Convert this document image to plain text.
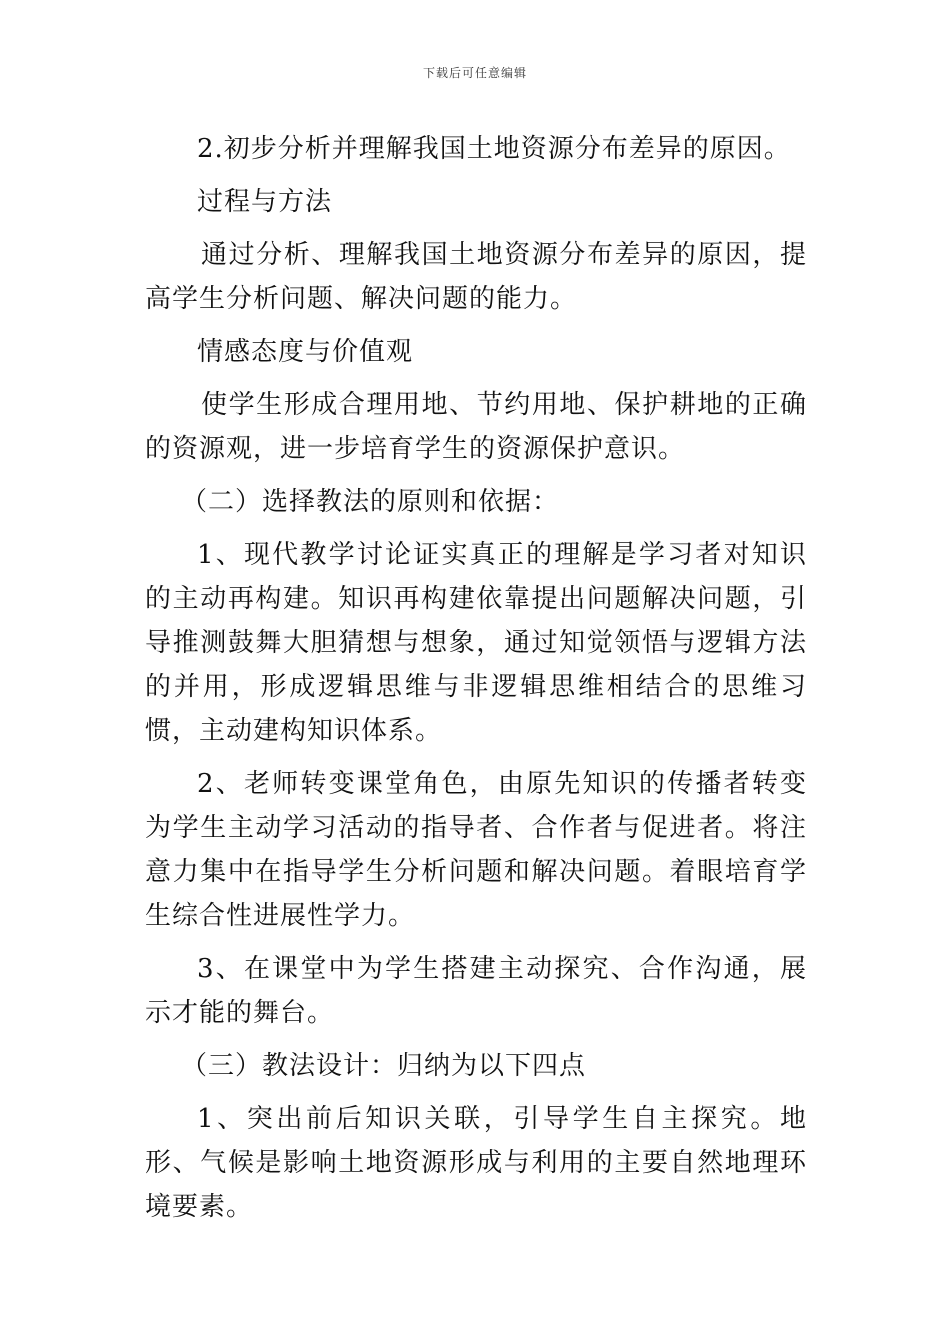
下载后可任意编辑

2.初步分析并理解我国土地资源分布差异的原因。

过程与方法

通过分析、理解我国土地资源分布差异的原因，提高学生分析问题、解决问题的能力。

情感态度与价值观

使学生形成合理用地、节约用地、保护耕地的正确的资源观，进一步培育学生的资源保护意识。

（二）选择教法的原则和依据：

1、现代教学讨论证实真正的理解是学习者对知识的主动再构建。知识再构建依靠提出问题解决问题，引导推测鼓舞大胆猜想与想象，通过知觉领悟与逻辑方法的并用，形成逻辑思维与非逻辑思维相结合的思维习惯，主动建构知识体系。

2、老师转变课堂角色，由原先知识的传播者转变为学生主动学习活动的指导者、合作者与促进者。将注意力集中在指导学生分析问题和解决问题。着眼培育学生综合性进展性学力。

3、在课堂中为学生搭建主动探究、合作沟通，展示才能的舞台。

（三）教法设计：归纳为以下四点

1、突出前后知识关联，引导学生自主探究。地形、气候是影响土地资源形成与利用的主要自然地理环境要素。
